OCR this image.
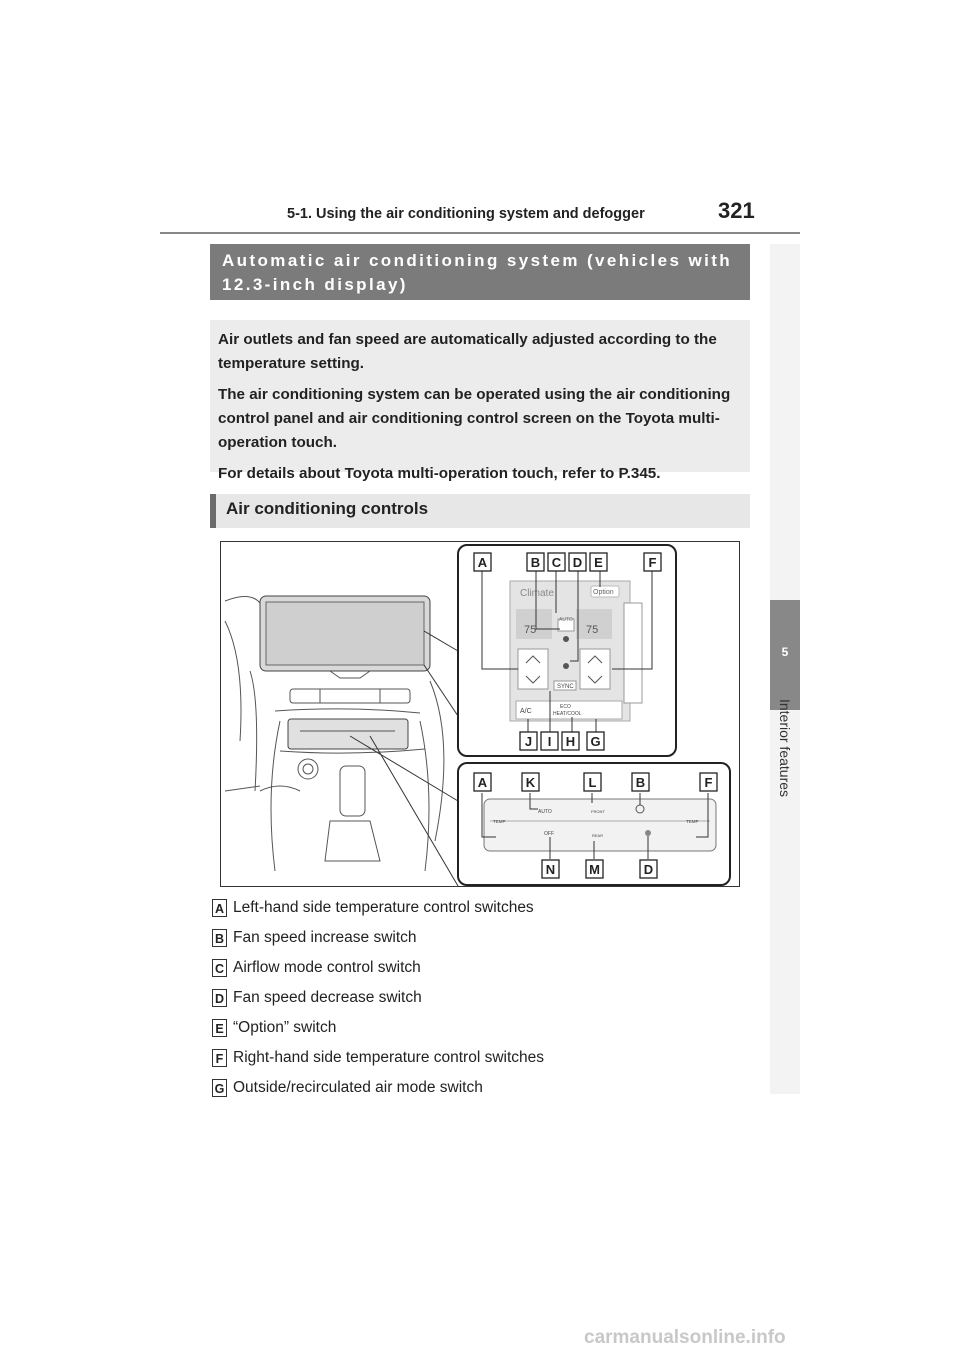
5-1. Using the air conditioning system and defogger	321
5
Interior features
Automatic air conditioning system (vehicles with 12.3-inch display)

Air outlets and fan speed are automatically adjusted according to the temperature setting.

The air conditioning system can be operated using the air conditioning control panel and air conditioning control screen on the Toyota multi-operation touch.

For details about Toyota multi-operation touch, refer to P.345.

Air conditioning controls
Climate	Option
75	75
AUTO
SYNC
A/C
ECO
HEAT/COOL
AUTO
OFF
TEMP	TEMP
FRONT
REAR
A	B C D E	F
J I H G
A	K	L	B	F
N	M	D
A Left-hand side temperature control switches
B Fan speed increase switch
C Airflow mode control switch
D Fan speed decrease switch
E “Option” switch
F Right-hand side temperature control switches
G Outside/recirculated air mode switch
carmanualsonline.info
